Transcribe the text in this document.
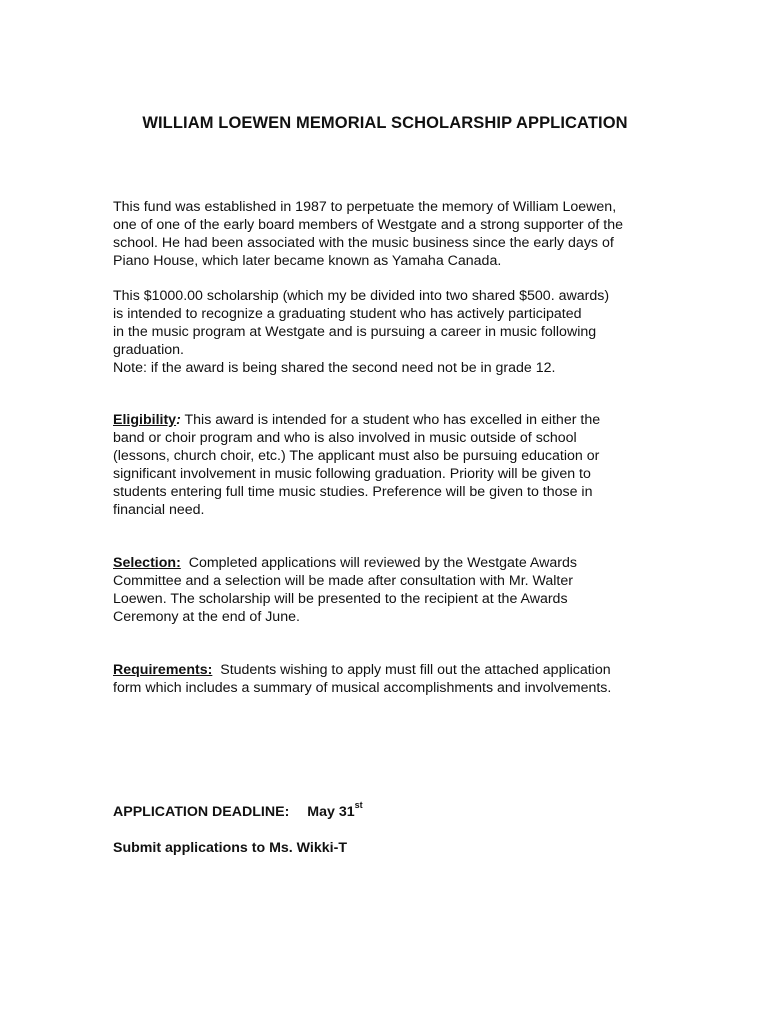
WILLIAM LOEWEN MEMORIAL SCHOLARSHIP APPLICATION
This fund was established in 1987 to perpetuate the memory of William Loewen,
one of one of the early board members of Westgate and a strong supporter of the
school. He had been associated with the music business since the early days of
Piano House, which later became known as Yamaha Canada.
This $1000.00 scholarship (which my be divided into two shared $500. awards)
is intended to recognize a graduating student who has actively participated
in the music program at Westgate and is pursuing a career in music following
graduation.
Note: if the award is being shared the second need not be in grade 12.
Eligibility: This award is intended for a student who has excelled in either the
band or choir program and who is also involved in music outside of school
(lessons, church choir, etc.) The applicant must also be pursuing education or
significant involvement in music following graduation. Priority will be given to
students entering full time music studies. Preference will be given to those in
financial need.
Selection:  Completed applications will reviewed by the Westgate Awards
Committee and a selection will be made after consultation with Mr. Walter
Loewen. The scholarship will be presented to the recipient at the Awards
Ceremony at the end of June.
Requirements:  Students wishing to apply must fill out the attached application
form which includes a summary of musical accomplishments and involvements.
APPLICATION DEADLINE: May 31st
Submit applications to Ms. Wikki-T
